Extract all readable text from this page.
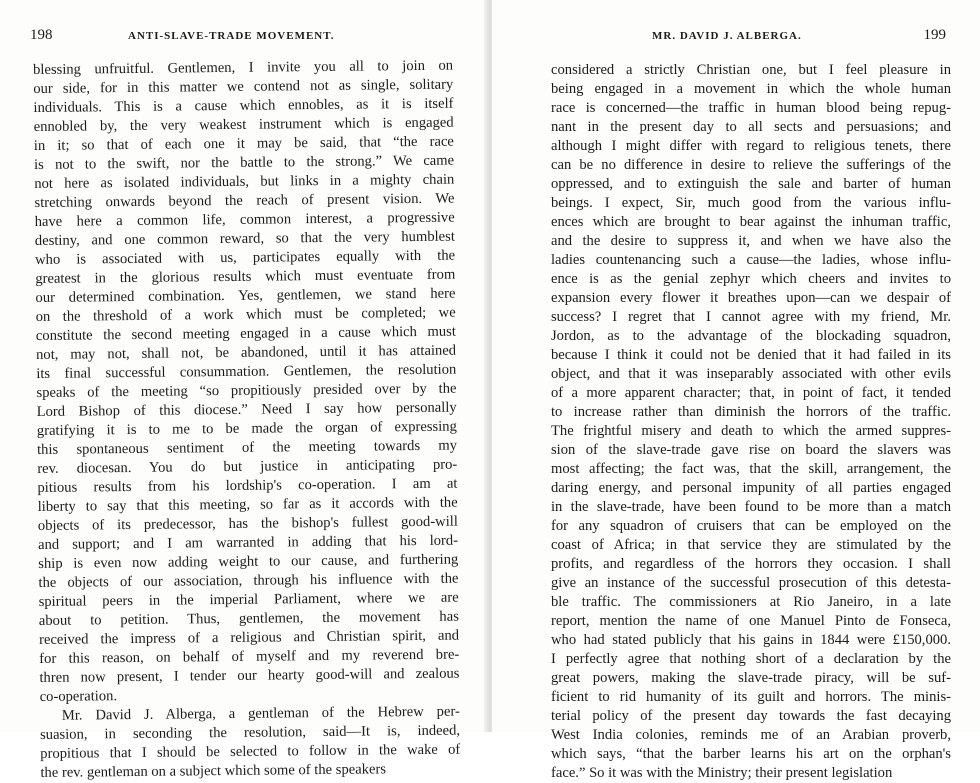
198	ANTI-SLAVE-TRADE MOVEMENT.
blessing unfruitful. Gentlemen, I invite you all to join on
our side, for in this matter we contend not as single, solitary
individuals. This is a cause which ennobles, as it is itself
ennobled by, the very weakest instrument which is engaged
in it; so that of each one it may be said, that “the race
is not to the swift, nor the battle to the strong.” We came
not here as isolated individuals, but links in a mighty chain
stretching onwards beyond the reach of present vision. We
have here a common life, common interest, a progressive
destiny, and one common reward, so that the very humblest
who is associated with us, participates equally with the
greatest in the glorious results which must eventuate from
our determined combination. Yes, gentlemen, we stand here
on the threshold of a work which must be completed; we
constitute the second meeting engaged in a cause which must
not, may not, shall not, be abandoned, until it has attained
its final successful consummation. Gentlemen, the resolution
speaks of the meeting “so propitiously presided over by the
Lord Bishop of this diocese.” Need I say how personally
gratifying it is to me to be made the organ of expressing
this spontaneous sentiment of the meeting towards my
rev. diocesan. You do but justice in anticipating pro-
pitious results from his lordship's co-operation. I am at
liberty to say that this meeting, so far as it accords with the
objects of its predecessor, has the bishop's fullest good-will
and support; and I am warranted in adding that his lord-
ship is even now adding weight to our cause, and furthering
the objects of our association, through his influence with the
spiritual peers in the imperial Parliament, where we are
about to petition. Thus, gentlemen, the movement has
received the impress of a religious and Christian spirit, and
for this reason, on behalf of myself and my reverend bre-
thren now present, I tender our hearty good-will and zealous
co-operation.
Mr. David J. Alberga, a gentleman of the Hebrew per-
suasion, in seconding the resolution, said—It is, indeed,
propitious that I should be selected to follow in the wake of
the rev. gentleman on a subject which some of the speakers
MR. DAVID J. ALBERGA.	199
considered a strictly Christian one, but I feel pleasure in
being engaged in a movement in which the whole human
race is concerned—the traffic in human blood being repug-
nant in the present day to all sects and persuasions; and
although I might differ with regard to religious tenets, there
can be no difference in desire to relieve the sufferings of the
oppressed, and to extinguish the sale and barter of human
beings. I expect, Sir, much good from the various influ-
ences which are brought to bear against the inhuman traffic,
and the desire to suppress it, and when we have also the
ladies countenancing such a cause—the ladies, whose influ-
ence is as the genial zephyr which cheers and invites to
expansion every flower it breathes upon—can we despair of
success? I regret that I cannot agree with my friend, Mr.
Jordon, as to the advantage of the blockading squadron,
because I think it could not be denied that it had failed in its
object, and that it was inseparably associated with other evils
of a more apparent character; that, in point of fact, it tended
to increase rather than diminish the horrors of the traffic.
The frightful misery and death to which the armed suppres-
sion of the slave-trade gave rise on board the slavers was
most affecting; the fact was, that the skill, arrangement, the
daring energy, and personal impunity of all parties engaged
in the slave-trade, have been found to be more than a match
for any squadron of cruisers that can be employed on the
coast of Africa; in that service they are stimulated by the
profits, and regardless of the horrors they occasion. I shall
give an instance of the successful prosecution of this detesta-
ble traffic. The commissioners at Rio Janeiro, in a late
report, mention the name of one Manuel Pinto de Fonseca,
who had stated publicly that his gains in 1844 were £150,000.
I perfectly agree that nothing short of a declaration by the
great powers, making the slave-trade piracy, will be suf-
ficient to rid humanity of its guilt and horrors. The minis-
terial policy of the present day towards the fast decaying
West India colonies, reminds me of an Arabian proverb,
which says, “that the barber learns his art on the orphan's
face.” So it was with the Ministry; their present legislation
